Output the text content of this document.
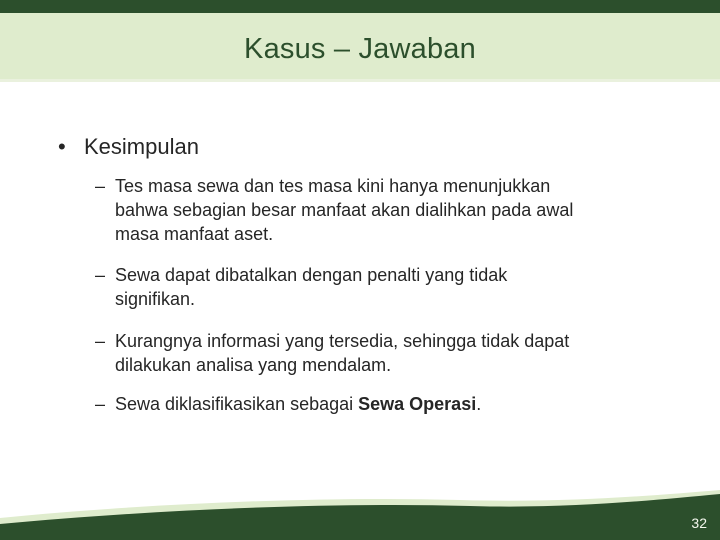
Kasus – Jawaban
• Kesimpulan
– Tes masa sewa dan tes masa kini hanya menunjukkan
bahwa sebagian besar manfaat akan dialihkan pada awal
masa manfaat aset.
– Sewa dapat dibatalkan dengan penalti yang tidak
signifikan.
– Kurangnya informasi yang tersedia, sehingga tidak dapat
dilakukan analisa yang mendalam.
– Sewa diklasifikasikan sebagai Sewa Operasi.
32
